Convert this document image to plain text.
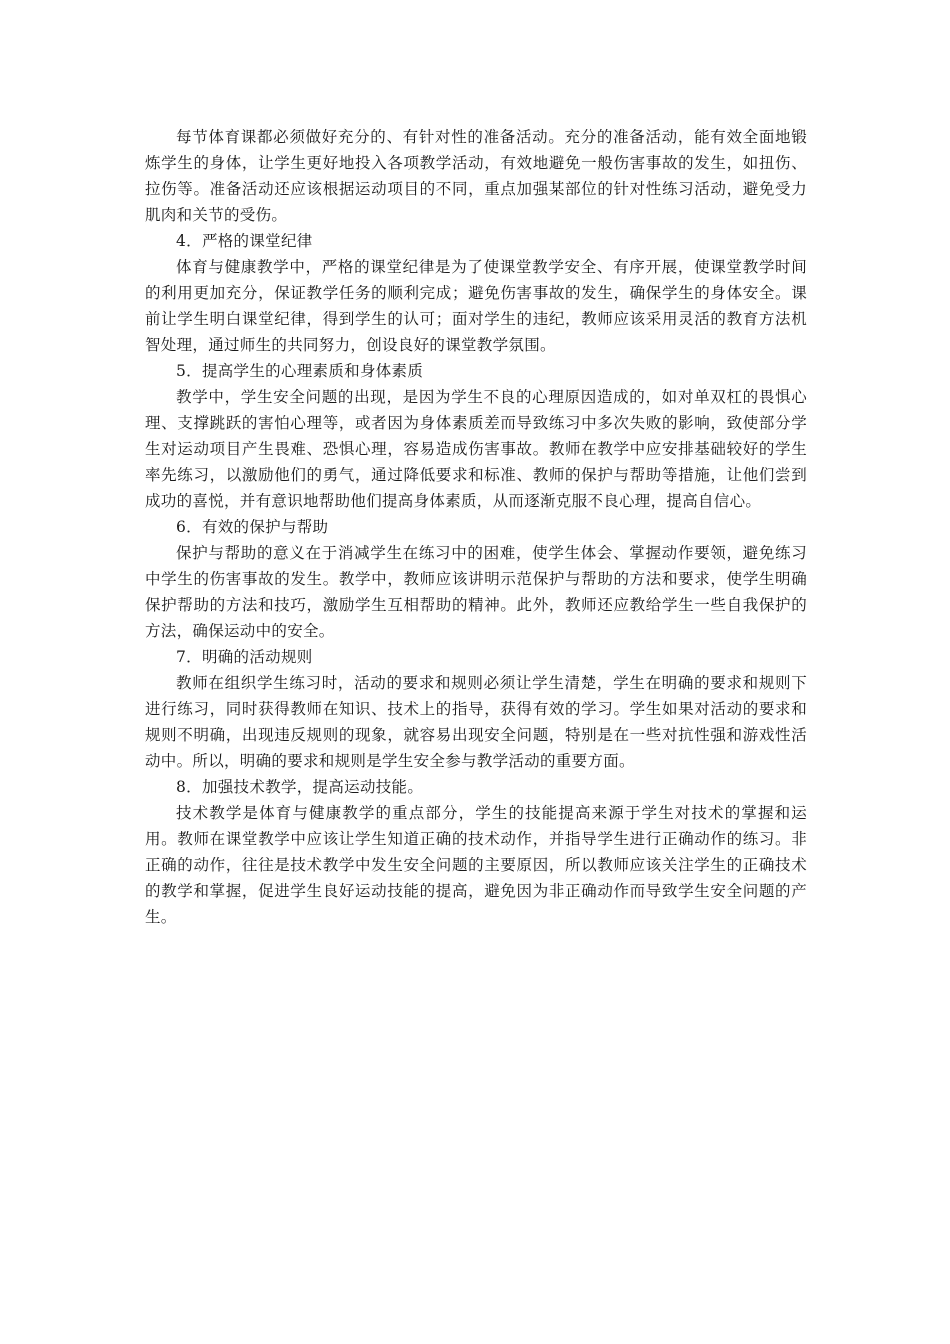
每节体育课都必须做好充分的、有针对性的准备活动。充分的准备活动，能有效全面地锻炼学生的身体，让学生更好地投入各项教学活动，有效地避免一般伤害事故的发生，如扭伤、拉伤等。准备活动还应该根据运动项目的不同，重点加强某部位的针对性练习活动，避免受力肌肉和关节的受伤。

4．严格的课堂纪律

体育与健康教学中，严格的课堂纪律是为了使课堂教学安全、有序开展，使课堂教学时间的利用更加充分，保证教学任务的顺利完成；避免伤害事故的发生，确保学生的身体安全。课前让学生明白课堂纪律，得到学生的认可；面对学生的违纪，教师应该采用灵活的教育方法机智处理，通过师生的共同努力，创设良好的课堂教学氛围。

5．提高学生的心理素质和身体素质

教学中，学生安全问题的出现，是因为学生不良的心理原因造成的，如对单双杠的畏惧心理、支撑跳跃的害怕心理等，或者因为身体素质差而导致练习中多次失败的影响，致使部分学生对运动项目产生畏难、恐惧心理，容易造成伤害事故。教师在教学中应安排基础较好的学生率先练习，以激励他们的勇气，通过降低要求和标准、教师的保护与帮助等措施，让他们尝到成功的喜悦，并有意识地帮助他们提高身体素质，从而逐渐克服不良心理，提高自信心。

6．有效的保护与帮助

保护与帮助的意义在于消减学生在练习中的困难，使学生体会、掌握动作要领，避免练习中学生的伤害事故的发生。教学中，教师应该讲明示范保护与帮助的方法和要求，使学生明确保护帮助的方法和技巧，激励学生互相帮助的精神。此外，教师还应教给学生一些自我保护的方法，确保运动中的安全。

7．明确的活动规则

教师在组织学生练习时，活动的要求和规则必须让学生清楚，学生在明确的要求和规则下进行练习，同时获得教师在知识、技术上的指导，获得有效的学习。学生如果对活动的要求和规则不明确，出现违反规则的现象，就容易出现安全问题，特别是在一些对抗性强和游戏性活动中。所以，明确的要求和规则是学生安全参与教学活动的重要方面。

8．加强技术教学，提高运动技能。

技术教学是体育与健康教学的重点部分，学生的技能提高来源于学生对技术的掌握和运用。教师在课堂教学中应该让学生知道正确的技术动作，并指导学生进行正确动作的练习。非正确的动作，往往是技术教学中发生安全问题的主要原因，所以教师应该关注学生的正确技术的教学和掌握，促进学生良好运动技能的提高，避免因为非正确动作而导致学生安全问题的产生。
